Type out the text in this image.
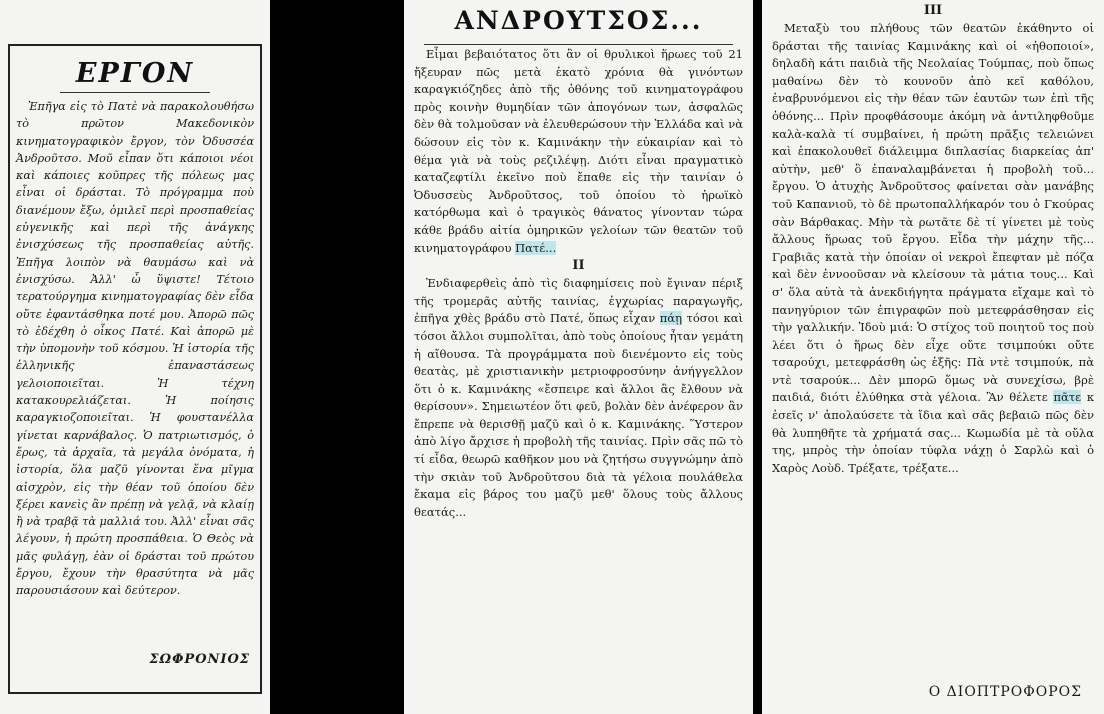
ΕΡΓΟΝ

Ἐπῆγα εἰς τὸ Πατὲ νὰ παρακολουθήσω τὸ πρῶτον Μακεδονικὸν κινηματογραφικὸν ἔργον, τὸν Ὀδυσσέα Ἀνδροῦτσο. Μοῦ εἶπαν ὅτι κάποιοι νέοι καὶ κάποιες κοῦπρες τῆς πόλεως μας εἶναι οἱ δράσται. Τὸ πρόγραμμα ποὺ διανέμουν ἔξω, ὁμιλεῖ περὶ προσπαθείας εὐγενικῆς καὶ περὶ τῆς ἀνάγκης ἐνισχύσεως τῆς προσπαθείας αὐτῆς. Ἐπῆγα λοιπὸν νὰ θαυμάσω καὶ νὰ ἐνισχύσω. Ἀλλ' ὦ ὕψιστε! Τέτοιο τερατούργημα κινηματογραφίας δὲν εἶδα οὔτε ἐφαντάσθηκα ποτέ μου. Ἀπορῶ πῶς τὸ ἐδέχθη ὁ οἶκος Πατέ. Καὶ ἀπορῶ μὲ τὴν ὑπομονὴν τοῦ κόσμου. Ἡ ἱστορία τῆς ἑλληνικῆς ἐπαναστάσεως γελοιοποιεῖται. Ἡ τέχνη κατακουρελιάζεται. Ἡ ποίησις καραγκιοζοποιεῖται. Ἡ φουστανέλλα γίνεται καρνάβαλος. Ὁ πατριωτισμός, ὁ ἔρως, τὰ ἀρχαῖα, τὰ μεγάλα ὀνόματα, ἡ ἱστορία, ὅλα μαζῦ γίνονται ἕνα μῖγμα αἰσχρὸν, εἰς τὴν θέαν τοῦ ὁποίου δὲν ξέρει κανεὶς ἂν πρέπῃ νὰ γελᾷ, νὰ κλαίῃ ἢ νὰ τραβᾷ τὰ μαλλιά του. Ἀλλ' εἶναι σᾶς λέγουν, ἡ πρώτη προσπάθεια. Ὁ Θεὸς νὰ μᾶς φυλάγῃ, ἐὰν οἱ δράσται τοῦ πρώτου ἔργου, ἔχουν τὴν θρασύτητα νὰ μᾶς παρουσιάσουν καὶ δεύτερον.

ΣΩΦΡΟΝΙΟΣ
ΑΝΔΡΟΥΤΣΟΣ...

Εἶμαι βεβαιότατος ὅτι ἂν οἱ θρυλικοὶ ἥρωες τοῦ 21 ἤξευραν πῶς μετὰ ἑκατὸ χρόνια θὰ γινόντων καραγκιόζηδες ἀπὸ τῆς ὀθόνης τοῦ κινηματογράφου πρὸς κοινὴν θυμηδίαν τῶν ἀπογόνων των, ἀσφαλῶς δὲν θὰ τολμοῦσαν νὰ ἐλευθερώσουν τὴν Ἑλλάδα καὶ νὰ δώσουν εἰς τὸν κ. Καμινάκην τὴν εὐκαιρίαν καὶ τὸ θέμα γιὰ νὰ τοὺς ρεζιλέψῃ. Διότι εἶναι πραγματικὸ καταζεφτίλι ἐκεῖνο ποὺ ἔπαθε εἰς τὴν ταινίαν ὁ Ὀδυσσεὺς Ἀνδροῦτσος, τοῦ ὁποίου τὸ ἡρωϊκὸ κατόρθωμα καὶ ὁ τραγικὸς θάνατος γίνονταν τώρα κάθε βράδυ αἰτία ὁμηρικῶν γελοίων τῶν θεατῶν τοῦ κινηματογράφου Πατέ...

II

Ἐνδιαφερθεὶς ἀπὸ τὶς διαφημίσεις ποὺ ἔγιναν πέριξ τῆς τρομερᾶς αὐτῆς ταινίας, ἐγχωρίας παραγωγῆς, ἐπῆγα χθὲς βράδυ στὸ Πατέ, ὅπως εἶχαν πάῃ τόσοι καὶ τόσοι ἄλλοι συμπολῖται, ἀπὸ τοὺς ὁποίους ἦταν γεμάτη ἡ αἴθουσα. Τὰ προγράμματα ποὺ διενέμοντο εἰς τοὺς θεατὰς, μὲ χριστιανικὴν μετριοφροσύνην ἀνήγγελλον ὅτι ὁ κ. Καμινάκης «ἔσπειρε καὶ ἄλλοι ἂς ἔλθουν νὰ θερίσουν». Σημειωτέον ὅτι φεῦ, βολὰν δὲν ἀνέφερον ἂν ἔπρεπε νὰ θερισθῇ μαζῦ καὶ ὁ κ. Καμινάκης. Ὕστερον ἀπὸ λίγο ἄρχισε ἡ προβολὴ τῆς ταινίας. Πρὶν σᾶς πῶ τὸ τί εἶδα, θεωρῶ καθῆκον μου νὰ ζητήσω συγγνώμην ἀπὸ τὴν σκιὰν τοῦ Ἀνδροῦτσου διὰ τὰ γέλοια πουλάθελα ἔκαμα εἰς βάρος του μαζῦ μεθ' ὅλους τοὺς ἄλλους θεατάς...

III

Μεταξὺ του πλήθους τῶν θεατῶν ἐκάθηντο οἱ δράσται τῆς ταινίας Καμινάκης καὶ οἱ «ἠθοποιοί», δηλαδὴ κάτι παιδιὰ τῆς Νεολαίας Τούμπας, ποὺ ὅπως μαθαίνω δὲν τὸ κουνοῦν ἀπὸ κεῖ καθόλου, ἐναβρυνόμενοι εἰς τὴν θέαν τῶν ἑαυτῶν των ἐπὶ τῆς ὀθόνης... Πρὶν προφθάσουμε ἀκόμη νὰ ἀντιληφθοῦμε καλὰ-καλὰ τί συμβαίνει, ἡ πρώτη πρᾶξις τελειώνει καὶ ἐπακολουθεῖ διάλειμμα διπλασίας διαρκείας ἀπ' αὐτὴν, μεθ' ὃ ἐπαναλαμβάνεται ἡ προβολὴ τοῦ... ἔργου. Ὁ ἀτυχὴς Ἀνδροῦτσος φαίνεται σὰν μανάβης τοῦ Καπανιοῦ, τὸ δὲ πρωτοπαλλήκαρόν του ὁ Γκούρας σὰν Βάρθακας. Μὴν τὰ ρωτᾶτε δὲ τί γίνετει μὲ τοὺς ἄλλους ἥρωας τοῦ ἔργου. Εἶδα τὴν μάχην τῆς... Γραβιᾶς κατὰ τὴν ὁποίαν οἱ νεκροὶ ἔπεφταν μὲ πόζα καὶ δὲν ἐννοοῦσαν νὰ κλείσουν τὰ μάτια τους... Καὶ σ' ὅλα αὐτὰ τὰ ἀνεκδιήγητα πράγματα εἴχαμε καὶ τὸ πανηγύριον τῶν ἐπιγραφῶν ποὺ μετεφράσθησαν εἰς τὴν γαλλικήν. Ἰδοὺ μιά: Ὁ στίχος τοῦ ποιητοῦ τος ποὺ λέει ὅτι ὁ ἥρως δὲν εἶχε οὔτε τσιμπούκι οὔτε τσαρούχι, μετεφράσθη ὡς ἑξῆς: Πὰ ντὲ τσιμπούκ, πὰ ντὲ τσαρούκ... Δὲν μπορῶ ὅμως νὰ συνεχίσω, βρὲ παιδιά, διότι ἐλύθηκα στὰ γέλοια. Ἂν θέλετε πᾶτε κ ἐσεῖς ν' ἀπολαύσετε τὰ ἴδια καὶ σᾶς βεβαιῶ πῶς δὲν θὰ λυπηθῆτε τὰ χρήματά σας... Κωμωδία μὲ τὰ οὔλα της, μπρὸς τὴν ὁποίαν τύφλα νάχῃ ὁ Σαρλὼ καὶ ὁ Χαρὸς Λοὺδ. Τρέξατε, τρέξατε...

Ο ΔΙΟΠΤΡΟΦΟΡΟΣ
